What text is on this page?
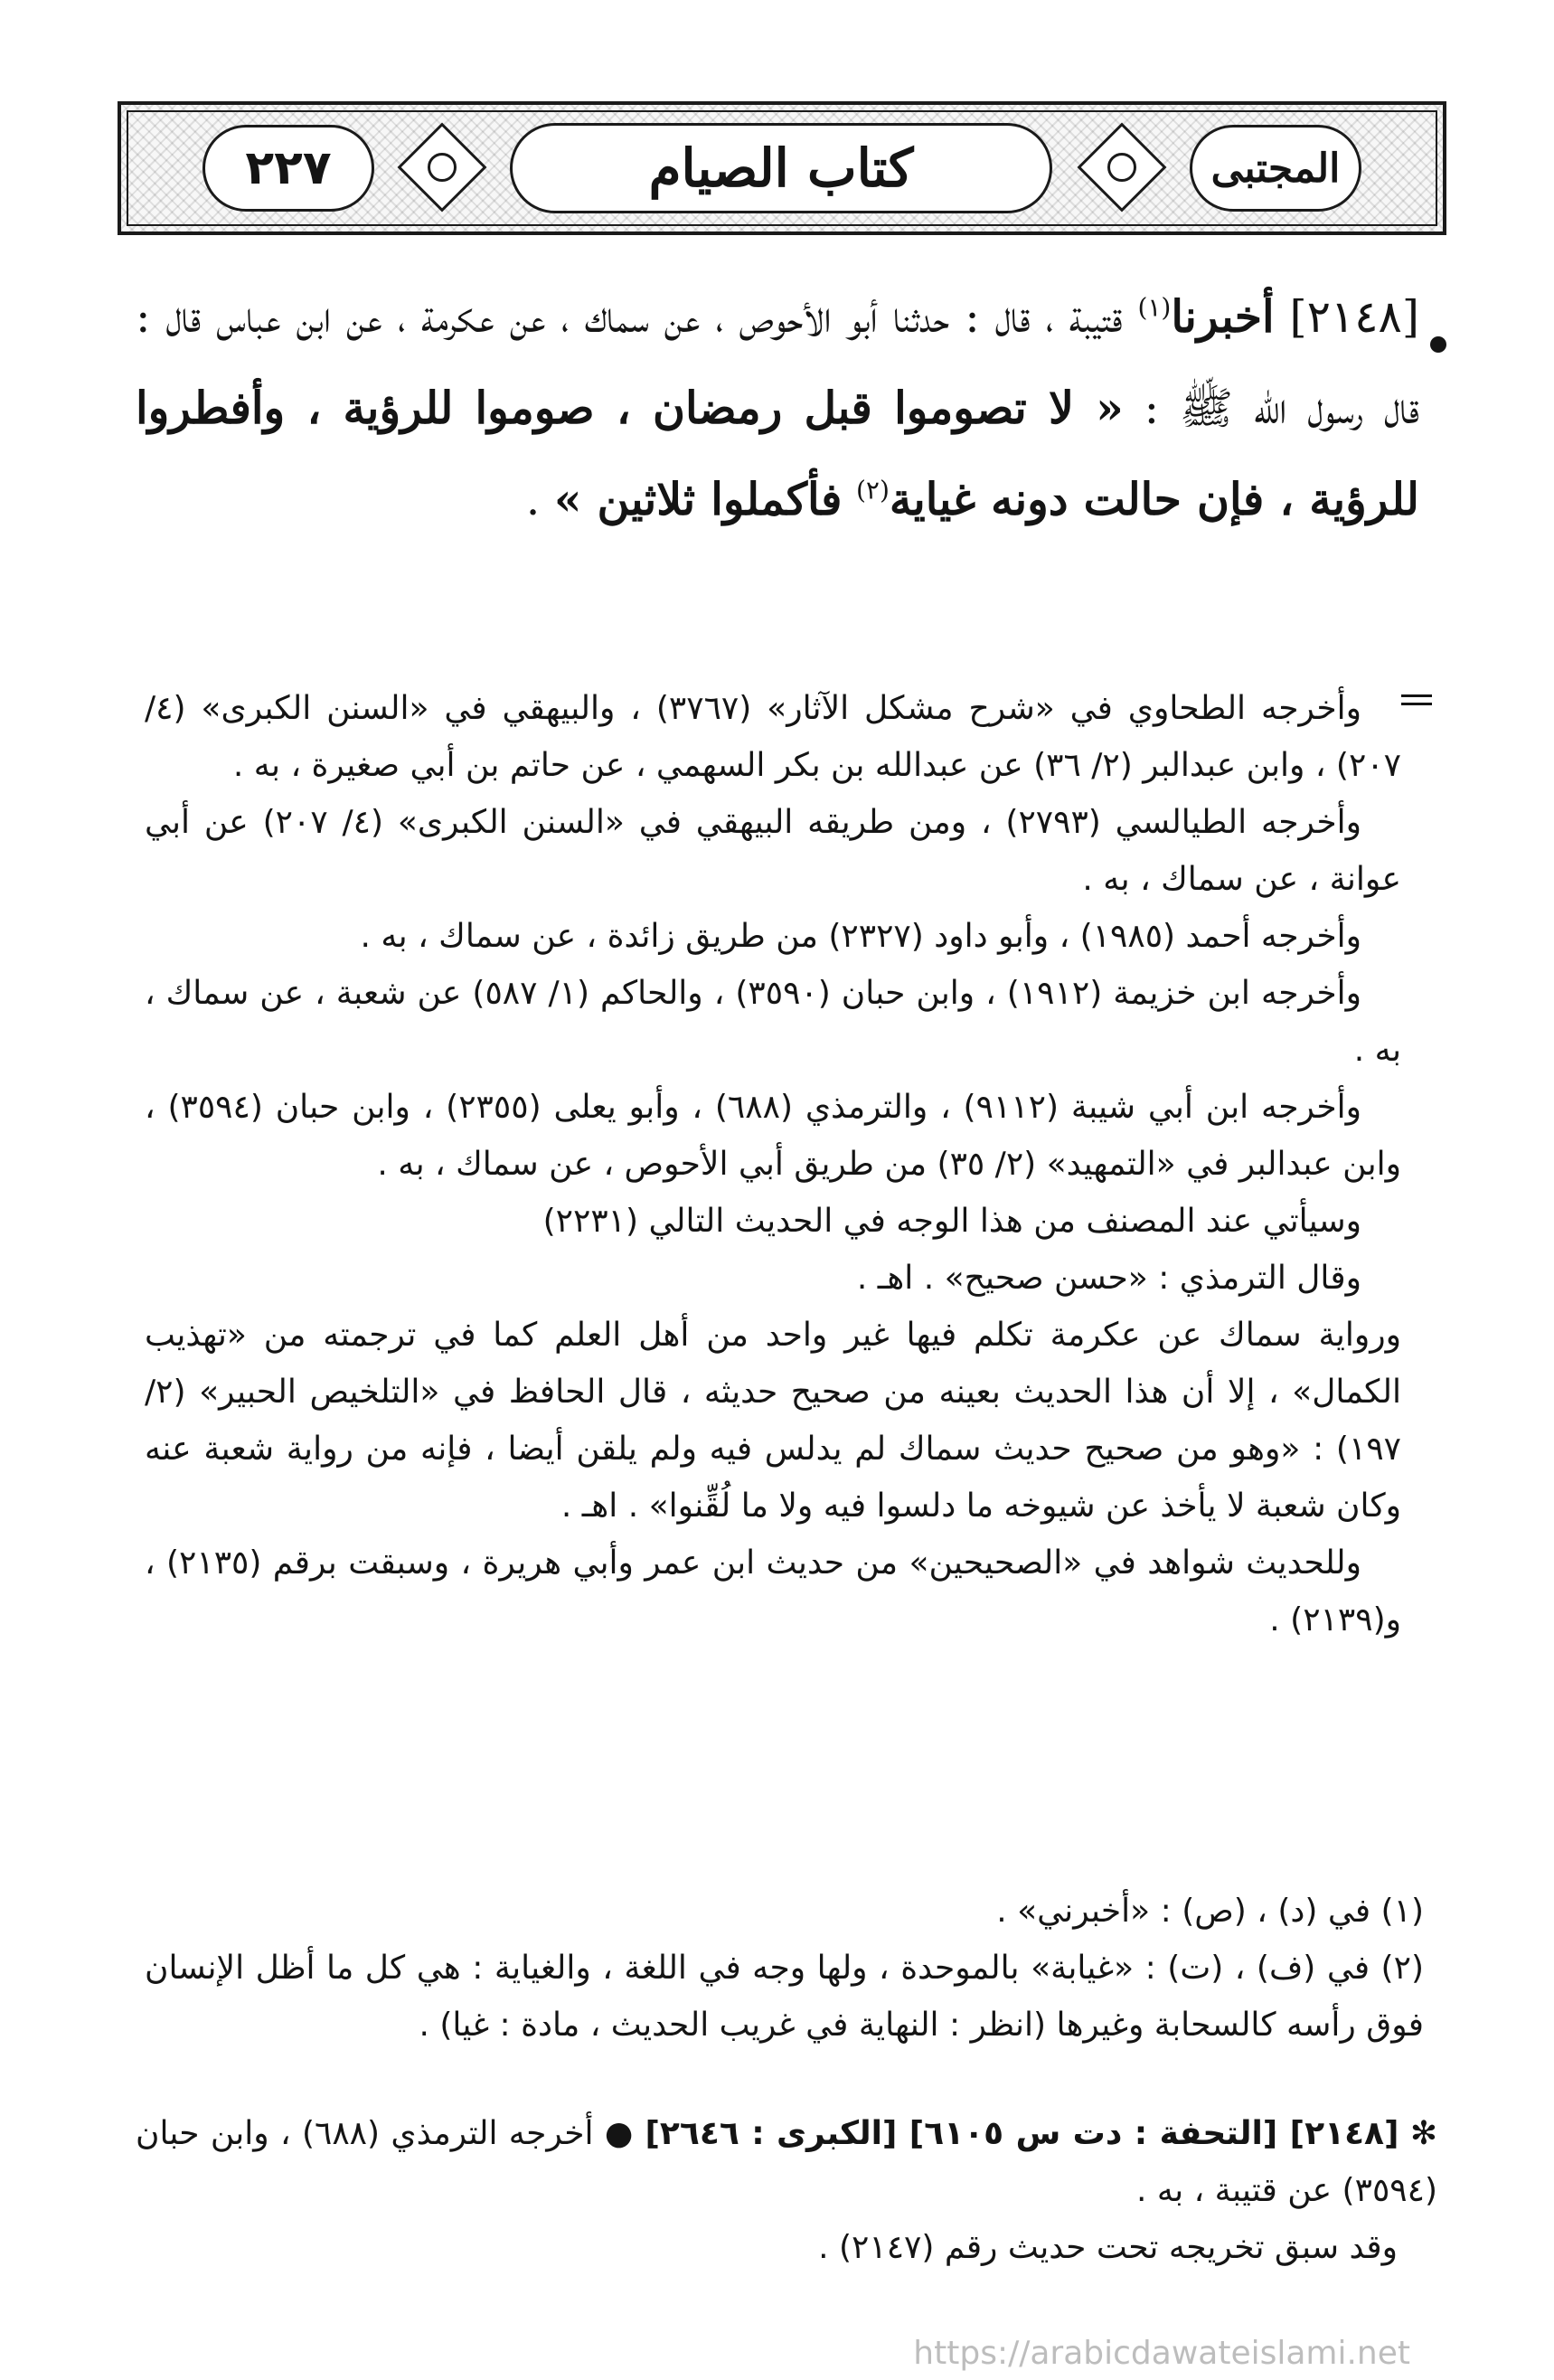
٢٢٧	كتاب الصيام	المجتبى
[٢١٤٨] أخبرنا$^{(١)}$ قتيبة ، قال : حدثنا أبو الأحوص ، عن سماك ، عن عكرمة ، عن ابن عباس قال : قال رسول الله ﷺ : « لا تصوموا قبل رمضان ، صوموا للرؤية ، وأفطروا للرؤية ، فإن حالت دونه غياية$^{(٢)}$ فأكملوا ثلاثين » .

وأخرجه الطحاوي في «شرح مشكل الآثار» (٣٧٦٧) ، والبيهقي في «السنن الكبرى» (٤/ ٢٠٧) ، وابن عبدالبر (٢/ ٣٦) عن عبدالله بن بكر السهمي ، عن حاتم بن أبي صغيرة ، به .

وأخرجه الطيالسي (٢٧٩٣) ، ومن طريقه البيهقي في «السنن الكبرى» (٤/ ٢٠٧) عن أبي عوانة ، عن سماك ، به .

وأخرجه أحمد (١٩٨٥) ، وأبو داود (٢٣٢٧) من طريق زائدة ، عن سماك ، به .

وأخرجه ابن خزيمة (١٩١٢) ، وابن حبان (٣٥٩٠) ، والحاكم (١/ ٥٨٧) عن شعبة ، عن سماك ، به .

وأخرجه ابن أبي شيبة (٩١١٢) ، والترمذي (٦٨٨) ، وأبو يعلى (٢٣٥٥) ، وابن حبان (٣٥٩٤) ، وابن عبدالبر في «التمهيد» (٢/ ٣٥) من طريق أبي الأحوص ، عن سماك ، به .

وسيأتي عند المصنف من هذا الوجه في الحديث التالي (٢٢٣١)

وقال الترمذي : «حسن صحيح» . اهـ .

ورواية سماك عن عكرمة تكلم فيها غير واحد من أهل العلم كما في ترجمته من «تهذيب الكمال» ، إلا أن هذا الحديث بعينه من صحيح حديثه ، قال الحافظ في «التلخيص الحبير» (٢/ ١٩٧) : «وهو من صحيح حديث سماك لم يدلس فيه ولم يلقن أيضا ، فإنه من رواية شعبة عنه وكان شعبة لا يأخذ عن شيوخه ما دلسوا فيه ولا ما لُقِّنوا» . اهـ .

وللحديث شواهد في «الصحيحين» من حديث ابن عمر وأبي هريرة ، وسبقت برقم (٢١٣٥) ، و(٢١٣٩) .

(١) في (د) ، (ص) : «أخبرني» .

(٢) في (ف) ، (ت) : «غيابة» بالموحدة ، ولها وجه في اللغة ، والغياية : هي كل ما أظل الإنسان فوق رأسه كالسحابة وغيرها (انظر : النهاية في غريب الحديث ، مادة : غيا) .

✻ [٢١٤٨] [التحفة : دت س ٦١٠٥] [الكبرى : ٢٦٤٦] ● أخرجه الترمذي (٦٨٨) ، وابن حبان (٣٥٩٤) عن قتيبة ، به .

وقد سبق تخريجه تحت حديث رقم (٢١٤٧) .

https://arabicdawateislami.net
